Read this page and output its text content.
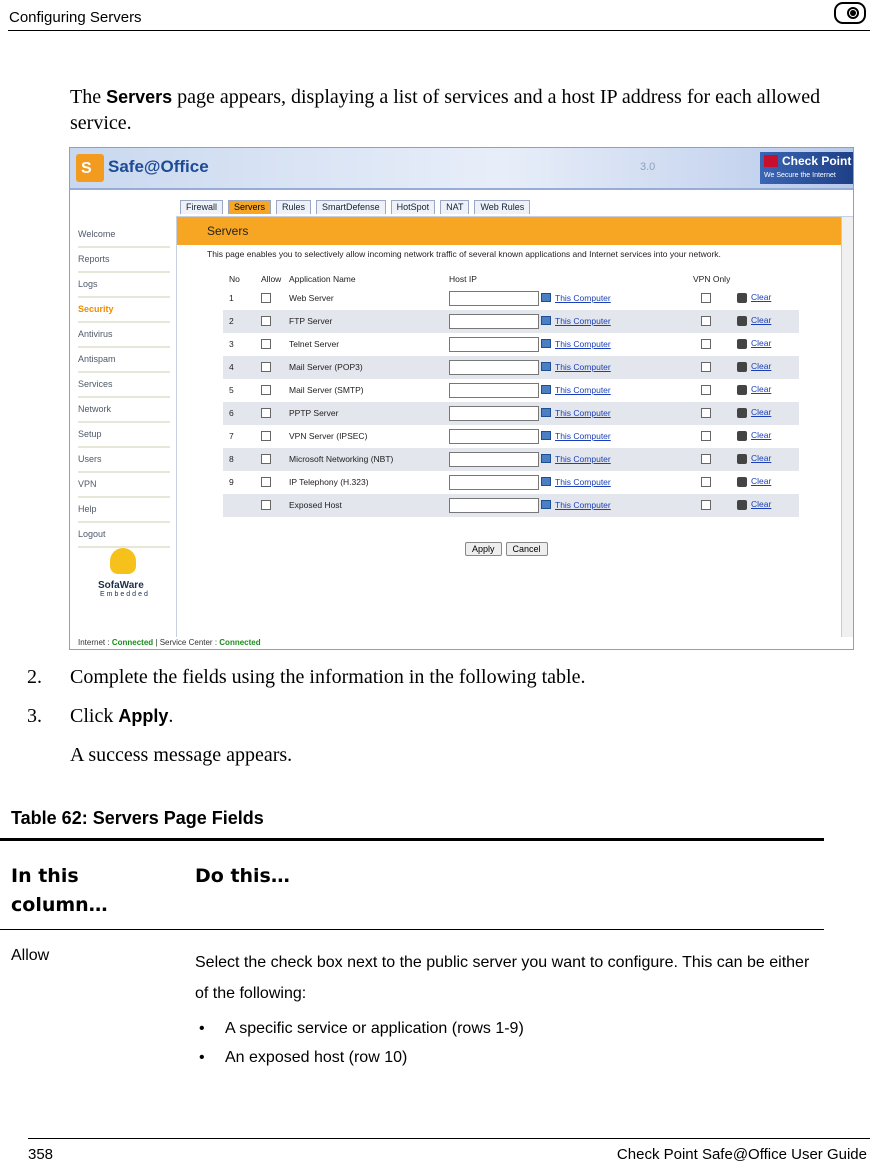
Configuring Servers
The Servers page appears, displaying a list of services and a host IP address for each allowed service.
S Safe@Office	3.0	Check Point
We Secure the Internet
Firewall Servers Rules SmartDefense HotSpot NAT Web Rules
Welcome
Reports
Logs
Security
Antivirus
Antispam
Services
Network
Setup
Users
VPN
Help
Logout
SofaWare
Embedded
Servers
This page enables you to selectively allow incoming network traffic of several known applications and Internet services into your network.
No Allow Application Name	Host IP	VPN Only
1	Web Server	This Computer	Clear
2	FTP Server	This Computer	Clear
3	Telnet Server	This Computer	Clear
4	Mail Server (POP3)	This Computer	Clear
5	Mail Server (SMTP)	This Computer	Clear
6	PPTP Server	This Computer	Clear
7	VPN Server (IPSEC)	This Computer	Clear
8	Microsoft Networking (NBT)	This Computer	Clear
9	IP Telephony (H.323)	This Computer	Clear
Exposed Host	This Computer	Clear
Apply Cancel
Internet : Connected | Service Center : Connected
2. Complete the fields using the information in the following table.
3. Click Apply.
A success message appears.
Table 62: Servers Page Fields
In this column…
Do this…
Allow	Select the check box next to the public server you want to configure. This can be either of the following:
• A specific service or application (rows 1-9)
• An exposed host (row 10)
358	Check Point Safe@Office User Guide
